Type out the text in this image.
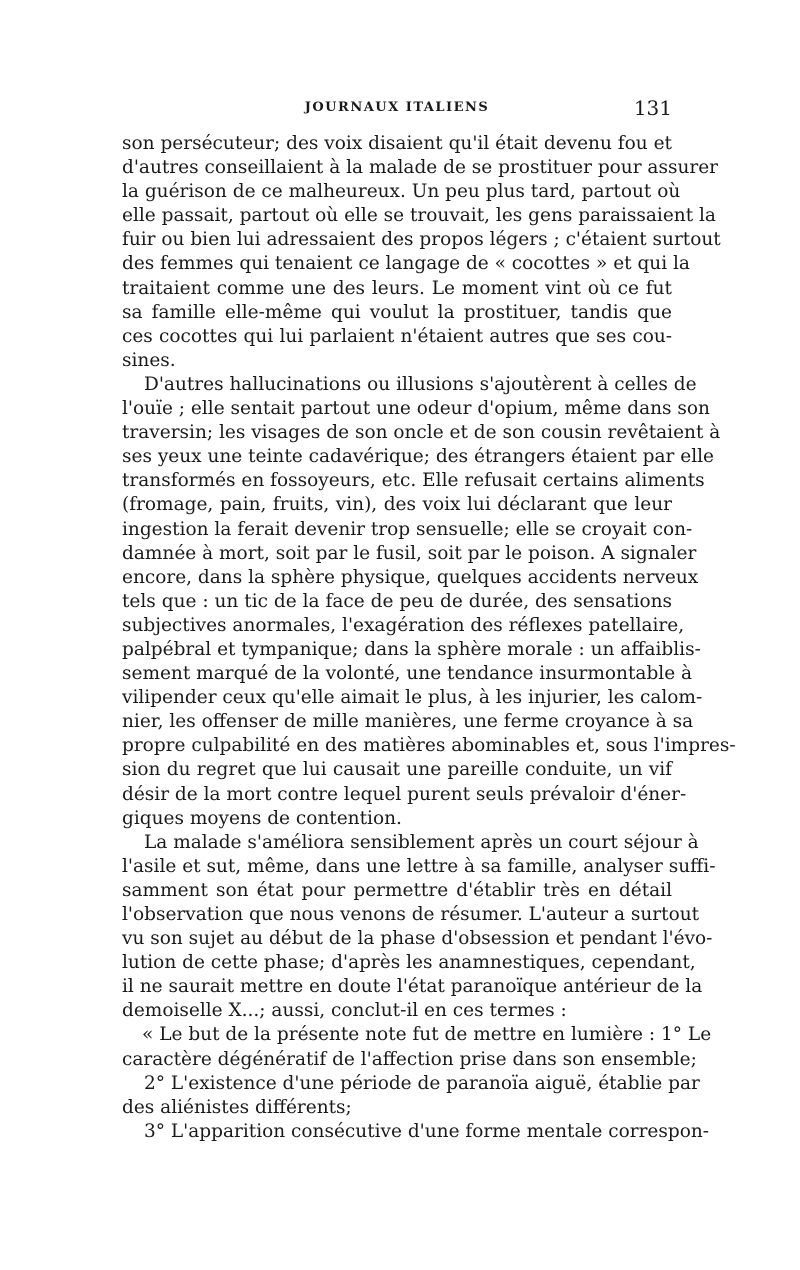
JOURNAUX ITALIENS	131
son persécuteur; des voix disaient qu'il était devenu fou et
d'autres conseillaient à la malade de se prostituer pour assurer
la guérison de ce malheureux. Un peu plus tard, partout où
elle passait, partout où elle se trouvait, les gens paraissaient la
fuir ou bien lui adressaient des propos légers ; c'étaient surtout
des femmes qui tenaient ce langage de « cocottes » et qui la
traitaient comme une des leurs. Le moment vint où ce fut
sa famille elle-même qui voulut la prostituer, tandis que
ces cocottes qui lui parlaient n'étaient autres que ses cou-
sines.
D'autres hallucinations ou illusions s'ajoutèrent à celles de
l'ouïe ; elle sentait partout une odeur d'opium, même dans son
traversin; les visages de son oncle et de son cousin revêtaient à
ses yeux une teinte cadavérique; des étrangers étaient par elle
transformés en fossoyeurs, etc. Elle refusait certains aliments
(fromage, pain, fruits, vin), des voix lui déclarant que leur
ingestion la ferait devenir trop sensuelle; elle se croyait con-
damnée à mort, soit par le fusil, soit par le poison. A signaler
encore, dans la sphère physique, quelques accidents nerveux
tels que : un tic de la face de peu de durée, des sensations
subjectives anormales, l'exagération des réflexes patellaire,
palpébral et tympanique; dans la sphère morale : un affaiblis-
sement marqué de la volonté, une tendance insurmontable à
vilipender ceux qu'elle aimait le plus, à les injurier, les calom-
nier, les offenser de mille manières, une ferme croyance à sa
propre culpabilité en des matières abominables et, sous l'impres-
sion du regret que lui causait une pareille conduite, un vif
désir de la mort contre lequel purent seuls prévaloir d'éner-
giques moyens de contention.
La malade s'améliora sensiblement après un court séjour à
l'asile et sut, même, dans une lettre à sa famille, analyser suffi-
samment son état pour permettre d'établir très en détail
l'observation que nous venons de résumer. L'auteur a surtout
vu son sujet au début de la phase d'obsession et pendant l'évo-
lution de cette phase; d'après les anamnestiques, cependant,
il ne saurait mettre en doute l'état paranoïque antérieur de la
demoiselle X...; aussi, conclut-il en ces termes :
« Le but de la présente note fut de mettre en lumière : 1° Le
caractère dégénératif de l'affection prise dans son ensemble;
2° L'existence d'une période de paranoïa aiguë, établie par
des aliénistes différents;
3° L'apparition consécutive d'une forme mentale correspon-
